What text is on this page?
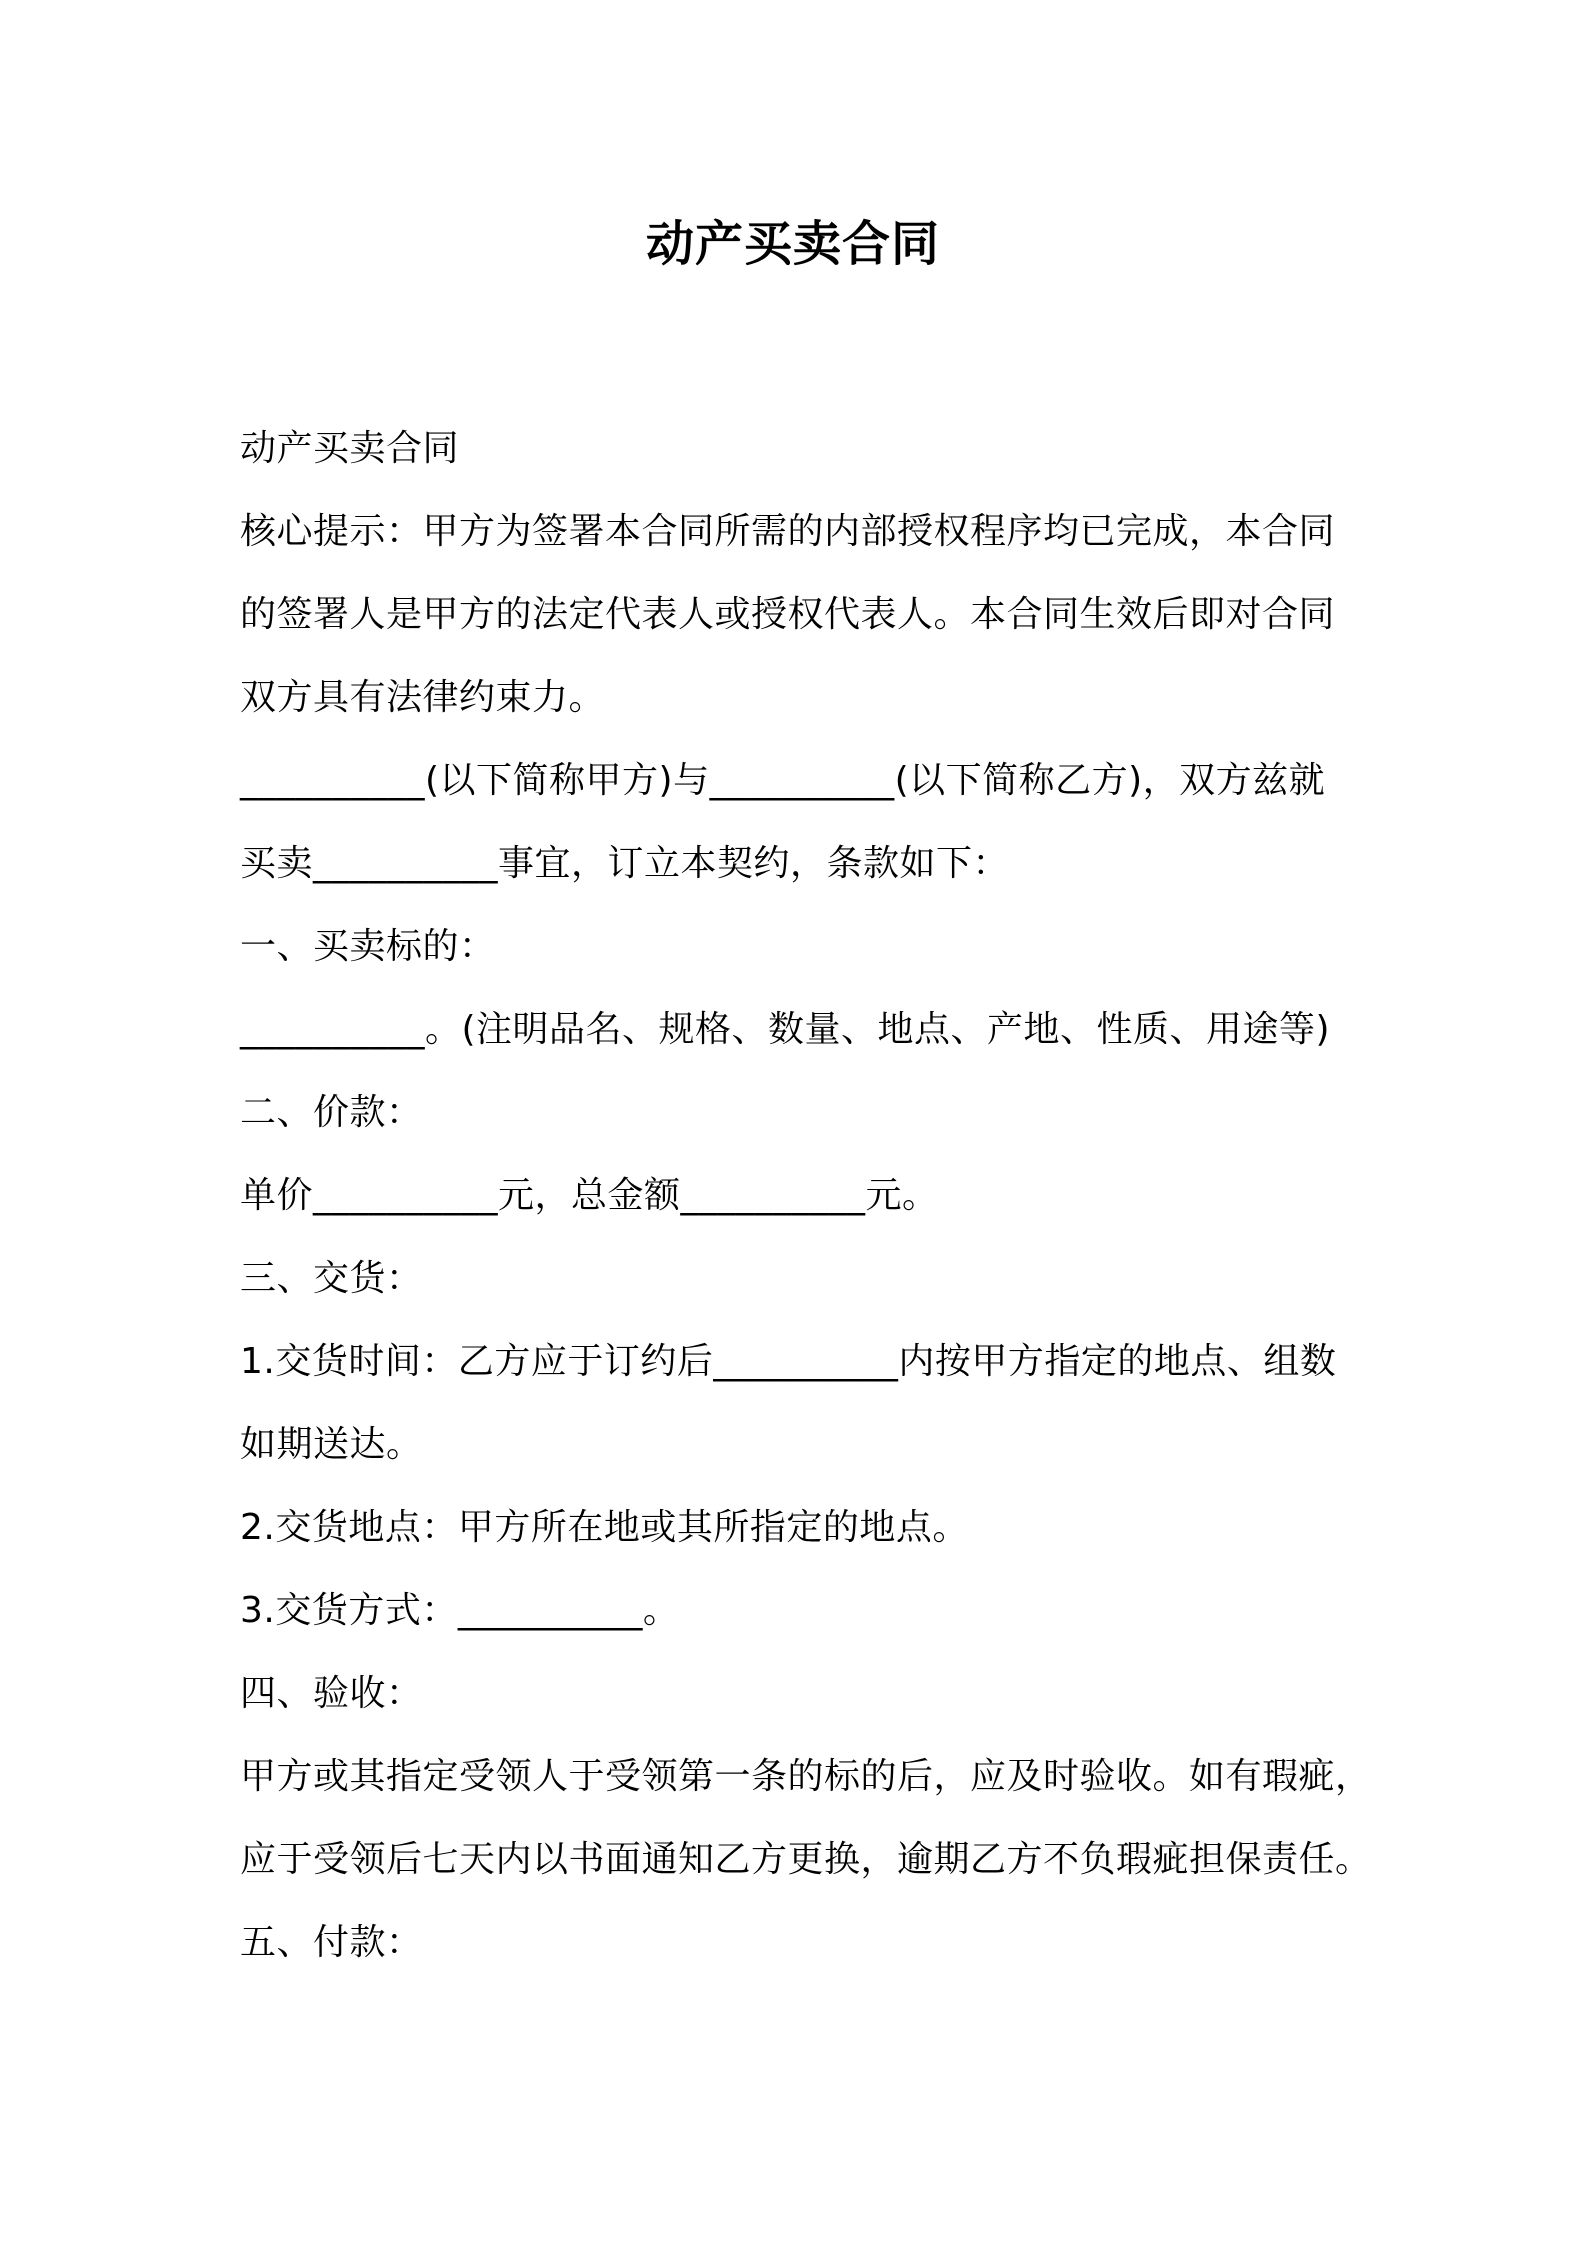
动产买卖合同
动产买卖合同
核心提示：甲方为签署本合同所需的内部授权程序均已完成，本合同
的签署人是甲方的法定代表人或授权代表人。本合同生效后即对合同
双方具有法律约束力。
__________(以下简称甲方)与__________(以下简称乙方)，双方兹就
买卖__________事宜，订立本契约，条款如下：
一、买卖标的：
__________。(注明品名、规格、数量、地点、产地、性质、用途等)
二、价款：
单价__________元，总金额__________元。
三、交货：
1.交货时间：乙方应于订约后__________内按甲方指定的地点、组数
如期送达。
2.交货地点：甲方所在地或其所指定的地点。
3.交货方式：__________。
四、验收：
甲方或其指定受领人于受领第一条的标的后，应及时验收。如有瑕疵，
应于受领后七天内以书面通知乙方更换，逾期乙方不负瑕疵担保责任。
五、付款：
